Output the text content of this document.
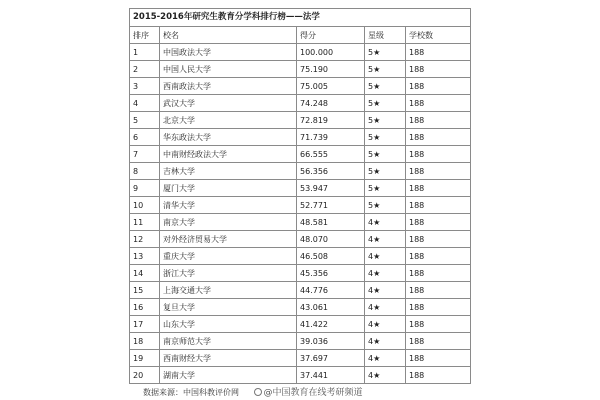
2015-2016年研究生教育分学科排行榜——法学				
排序	校名	得分	星级	学校数
1	中国政法大学	100.000	5★	188
2	中国人民大学	75.190	5★	188
3	西南政法大学	75.005	5★	188
4	武汉大学	74.248	5★	188
5	北京大学	72.819	5★	188
6	华东政法大学	71.739	5★	188
7	中南财经政法大学	66.555	5★	188
8	吉林大学	56.356	5★	188
9	厦门大学	53.947	5★	188
10	清华大学	52.771	5★	188
11	南京大学	48.581	4★	188
12	对外经济贸易大学	48.070	4★	188
13	重庆大学	46.508	4★	188
14	浙江大学	45.356	4★	188
15	上海交通大学	44.776	4★	188
16	复旦大学	43.061	4★	188
17	山东大学	41.422	4★	188
18	南京师范大学	39.036	4★	188
19	西南财经大学	37.697	4★	188
20	湖南大学	37.441	4★	188
数据来源：中国科教评价网	@中国教育在线考研频道
